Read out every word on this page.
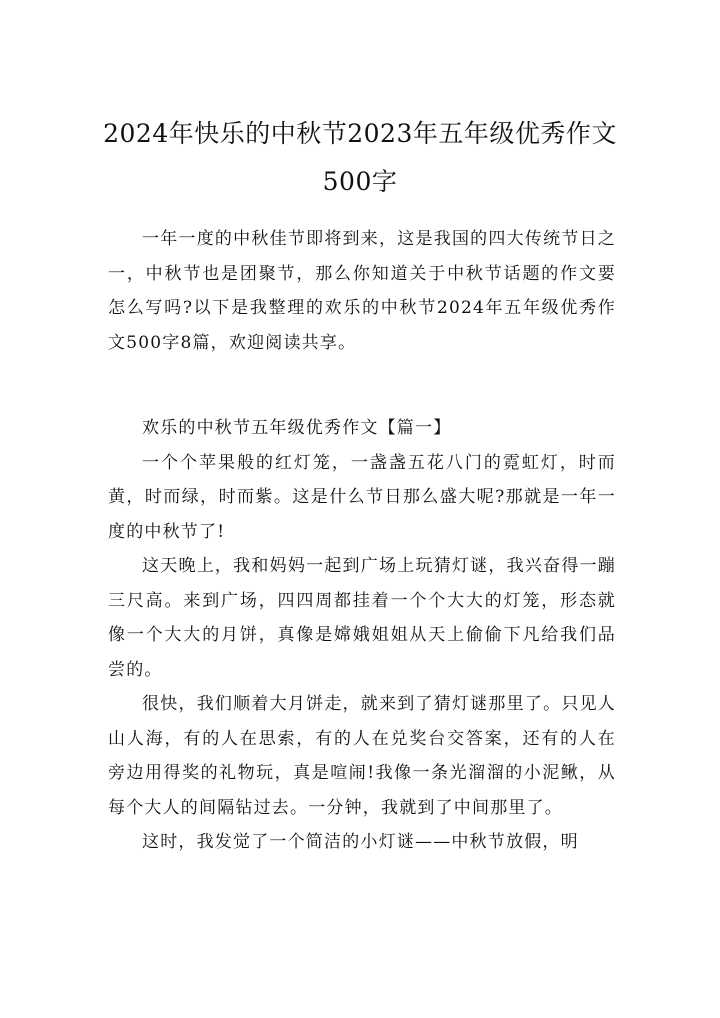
2024年快乐的中秋节2023年五年级优秀作文500字

一年一度的中秋佳节即将到来，这是我国的四大传统节日之一，中秋节也是团聚节，那么你知道关于中秋节话题的作文要怎么写吗?以下是我整理的欢乐的中秋节2024年五年级优秀作文500字8篇，欢迎阅读共享。

欢乐的中秋节五年级优秀作文【篇一】

一个个苹果般的红灯笼，一盏盏五花八门的霓虹灯，时而黄，时而绿，时而紫。这是什么节日那么盛大呢?那就是一年一度的中秋节了!

这天晚上，我和妈妈一起到广场上玩猜灯谜，我兴奋得一蹦三尺高。来到广场，四四周都挂着一个个大大的灯笼，形态就像一个大大的月饼，真像是嫦娥姐姐从天上偷偷下凡给我们品尝的。

很快，我们顺着大月饼走，就来到了猜灯谜那里了。只见人山人海，有的人在思索，有的人在兑奖台交答案，还有的人在旁边用得奖的礼物玩，真是喧闹!我像一条光溜溜的小泥鳅，从每个大人的间隔钻过去。一分钟，我就到了中间那里了。

这时，我发觉了一个简洁的小灯谜——中秋节放假，明
